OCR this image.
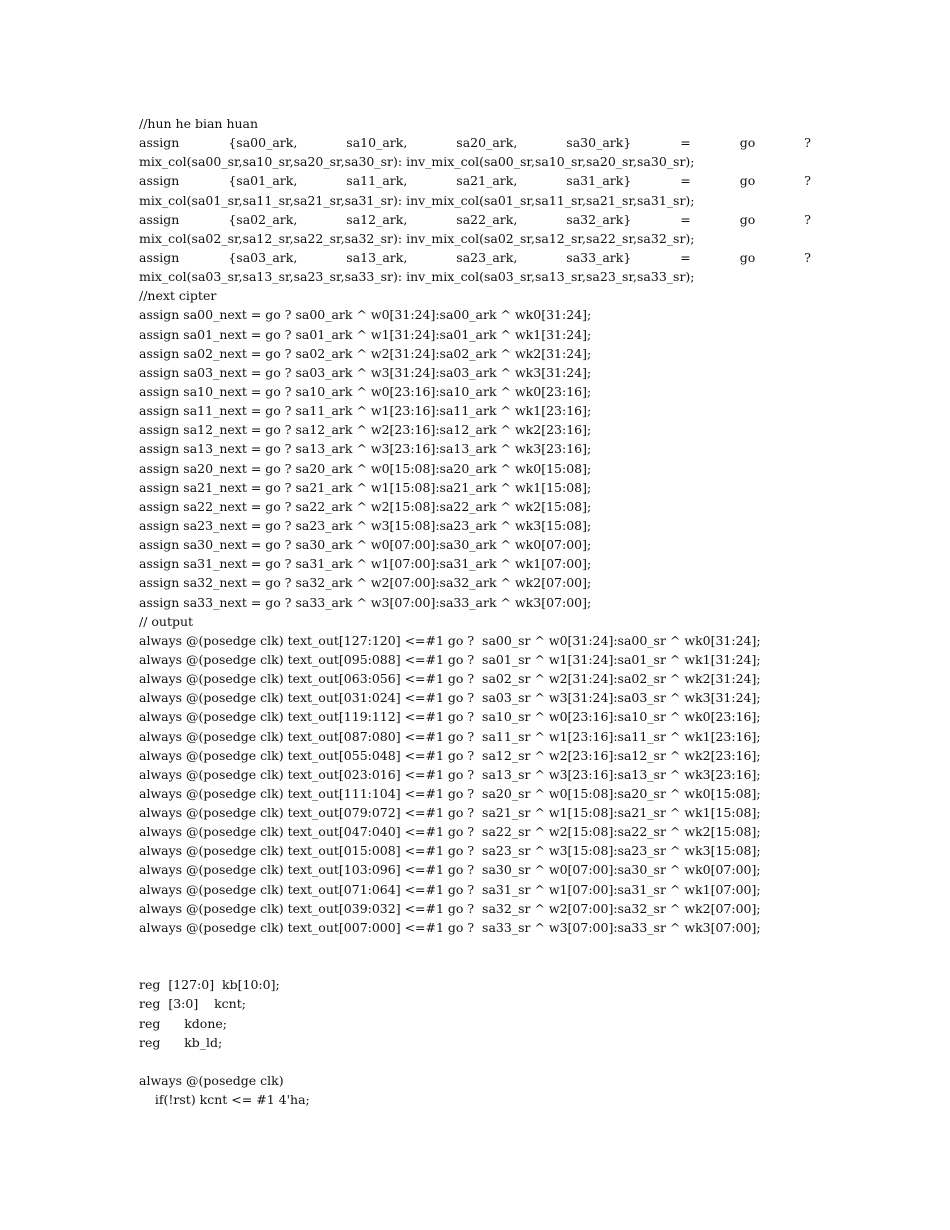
//hun he bian huan
assign	{sa00_ark,	sa10_ark,	sa20_ark,	sa30_ark}	=	go	?
mix_col(sa00_sr,sa10_sr,sa20_sr,sa30_sr): inv_mix_col(sa00_sr,sa10_sr,sa20_sr,sa30_sr);
assign	{sa01_ark,	sa11_ark,	sa21_ark,	sa31_ark}	=	go	?
mix_col(sa01_sr,sa11_sr,sa21_sr,sa31_sr): inv_mix_col(sa01_sr,sa11_sr,sa21_sr,sa31_sr);
assign	{sa02_ark,	sa12_ark,	sa22_ark,	sa32_ark}	=	go	?
mix_col(sa02_sr,sa12_sr,sa22_sr,sa32_sr): inv_mix_col(sa02_sr,sa12_sr,sa22_sr,sa32_sr);
assign	{sa03_ark,	sa13_ark,	sa23_ark,	sa33_ark}	=	go	?
mix_col(sa03_sr,sa13_sr,sa23_sr,sa33_sr): inv_mix_col(sa03_sr,sa13_sr,sa23_sr,sa33_sr);
//next cipter
assign sa00_next = go ? sa00_ark ^ w0[31:24]:sa00_ark ^ wk0[31:24];
assign sa01_next = go ? sa01_ark ^ w1[31:24]:sa01_ark ^ wk1[31:24];
assign sa02_next = go ? sa02_ark ^ w2[31:24]:sa02_ark ^ wk2[31:24];
assign sa03_next = go ? sa03_ark ^ w3[31:24]:sa03_ark ^ wk3[31:24];
assign sa10_next = go ? sa10_ark ^ w0[23:16]:sa10_ark ^ wk0[23:16];
assign sa11_next = go ? sa11_ark ^ w1[23:16]:sa11_ark ^ wk1[23:16];
assign sa12_next = go ? sa12_ark ^ w2[23:16]:sa12_ark ^ wk2[23:16];
assign sa13_next = go ? sa13_ark ^ w3[23:16]:sa13_ark ^ wk3[23:16];
assign sa20_next = go ? sa20_ark ^ w0[15:08]:sa20_ark ^ wk0[15:08];
assign sa21_next = go ? sa21_ark ^ w1[15:08]:sa21_ark ^ wk1[15:08];
assign sa22_next = go ? sa22_ark ^ w2[15:08]:sa22_ark ^ wk2[15:08];
assign sa23_next = go ? sa23_ark ^ w3[15:08]:sa23_ark ^ wk3[15:08];
assign sa30_next = go ? sa30_ark ^ w0[07:00]:sa30_ark ^ wk0[07:00];
assign sa31_next = go ? sa31_ark ^ w1[07:00]:sa31_ark ^ wk1[07:00];
assign sa32_next = go ? sa32_ark ^ w2[07:00]:sa32_ark ^ wk2[07:00];
assign sa33_next = go ? sa33_ark ^ w3[07:00]:sa33_ark ^ wk3[07:00];
// output
always @(posedge clk) text_out[127:120] <=#1 go ?  sa00_sr ^ w0[31:24]:sa00_sr ^ wk0[31:24];
always @(posedge clk) text_out[095:088] <=#1 go ?  sa01_sr ^ w1[31:24]:sa01_sr ^ wk1[31:24];
always @(posedge clk) text_out[063:056] <=#1 go ?  sa02_sr ^ w2[31:24]:sa02_sr ^ wk2[31:24];
always @(posedge clk) text_out[031:024] <=#1 go ?  sa03_sr ^ w3[31:24]:sa03_sr ^ wk3[31:24];
always @(posedge clk) text_out[119:112] <=#1 go ?  sa10_sr ^ w0[23:16]:sa10_sr ^ wk0[23:16];
always @(posedge clk) text_out[087:080] <=#1 go ?  sa11_sr ^ w1[23:16]:sa11_sr ^ wk1[23:16];
always @(posedge clk) text_out[055:048] <=#1 go ?  sa12_sr ^ w2[23:16]:sa12_sr ^ wk2[23:16];
always @(posedge clk) text_out[023:016] <=#1 go ?  sa13_sr ^ w3[23:16]:sa13_sr ^ wk3[23:16];
always @(posedge clk) text_out[111:104] <=#1 go ?  sa20_sr ^ w0[15:08]:sa20_sr ^ wk0[15:08];
always @(posedge clk) text_out[079:072] <=#1 go ?  sa21_sr ^ w1[15:08]:sa21_sr ^ wk1[15:08];
always @(posedge clk) text_out[047:040] <=#1 go ?  sa22_sr ^ w2[15:08]:sa22_sr ^ wk2[15:08];
always @(posedge clk) text_out[015:008] <=#1 go ?  sa23_sr ^ w3[15:08]:sa23_sr ^ wk3[15:08];
always @(posedge clk) text_out[103:096] <=#1 go ?  sa30_sr ^ w0[07:00]:sa30_sr ^ wk0[07:00];
always @(posedge clk) text_out[071:064] <=#1 go ?  sa31_sr ^ w1[07:00]:sa31_sr ^ wk1[07:00];
always @(posedge clk) text_out[039:032] <=#1 go ?  sa32_sr ^ w2[07:00]:sa32_sr ^ wk2[07:00];
always @(posedge clk) text_out[007:000] <=#1 go ?  sa33_sr ^ w3[07:00]:sa33_sr ^ wk3[07:00];
reg  [127:0]  kb[10:0];
reg  [3:0]    kcnt;
reg      kdone;
reg      kb_ld;
always @(posedge clk)
if(!rst) kcnt <= #1 4'ha;
